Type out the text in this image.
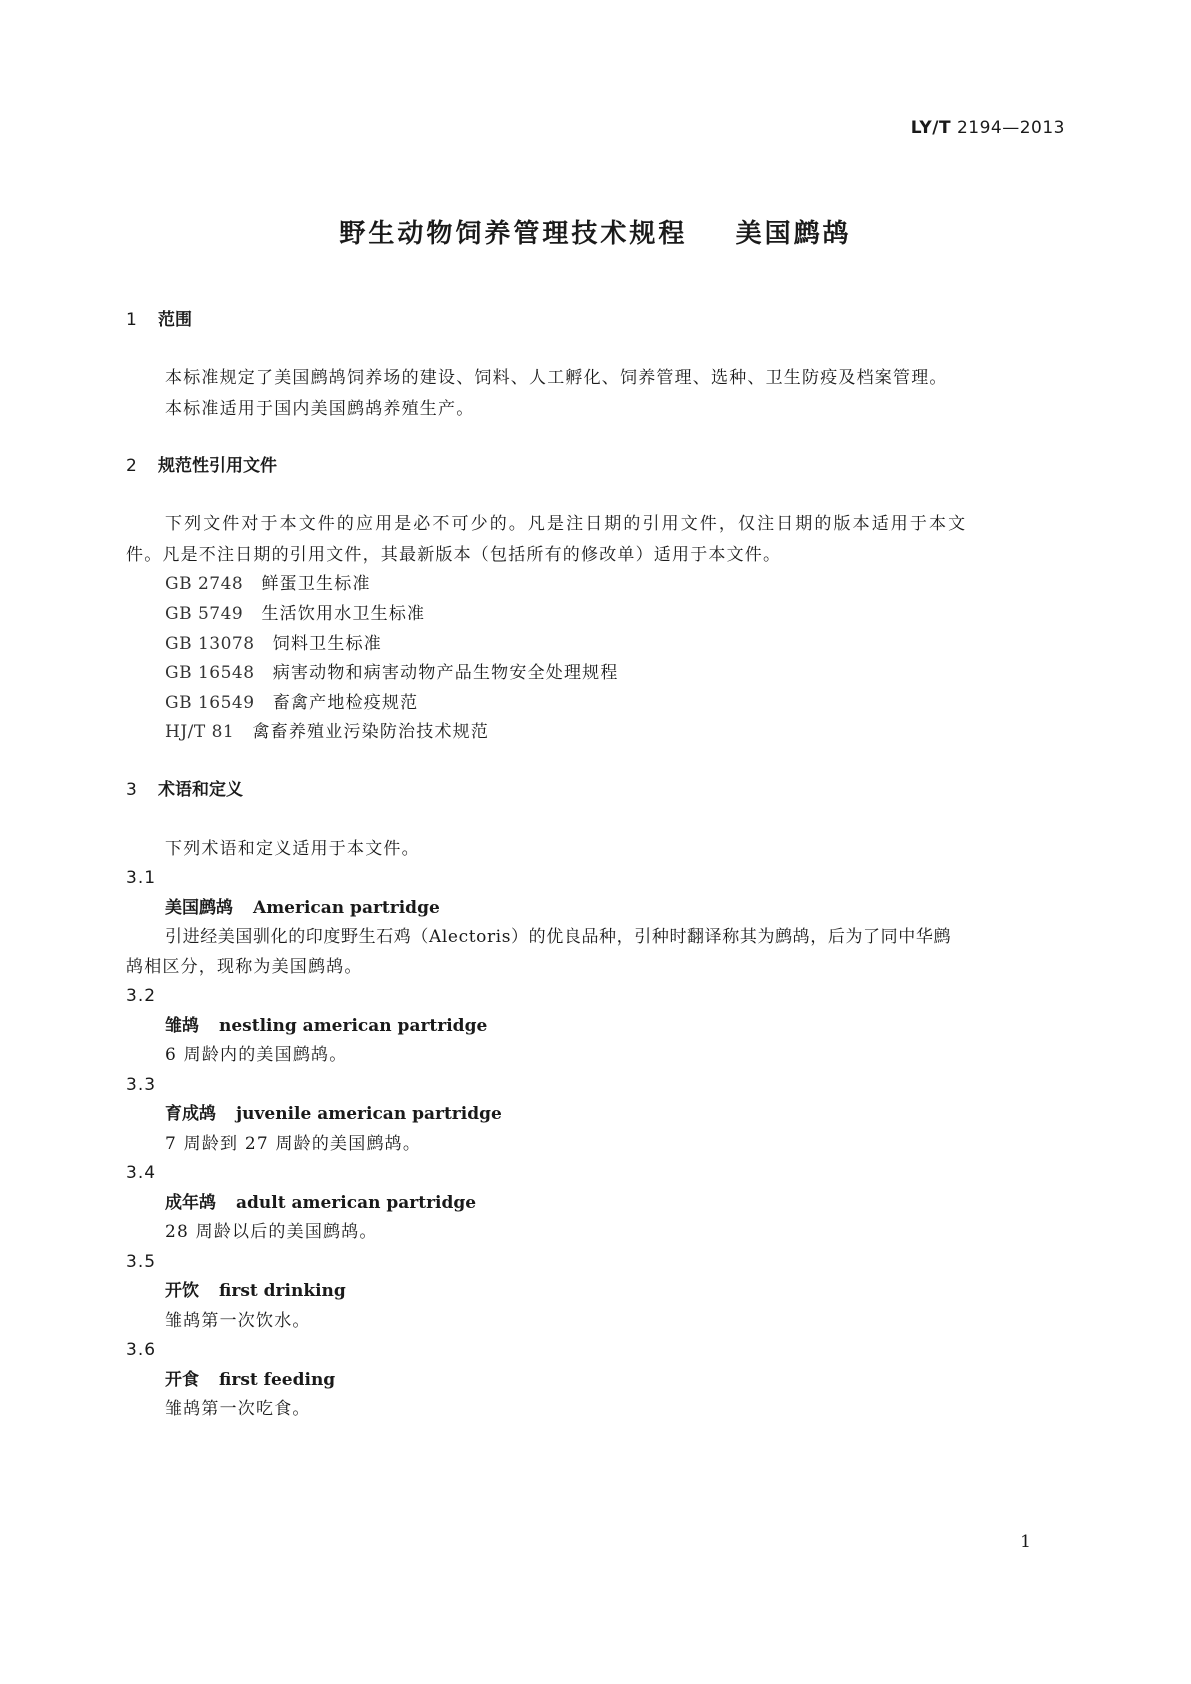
LY/T 2194—2013
野生动物饲养管理技术规程    美国鹧鸪
1 范围
本标准规定了美国鹧鸪饲养场的建设、饲料、人工孵化、饲养管理、选种、卫生防疫及档案管理。
本标准适用于国内美国鹧鸪养殖生产。
2 规范性引用文件
下列文件对于本文件的应用是必不可少的。凡是注日期的引用文件，仅注日期的版本适用于本文
件。凡是不注日期的引用文件，其最新版本（包括所有的修改单）适用于本文件。
GB 2748  鲜蛋卫生标准
GB 5749  生活饮用水卫生标准
GB 13078  饲料卫生标准
GB 16548  病害动物和病害动物产品生物安全处理规程
GB 16549  畜禽产地检疫规范
HJ/T 81  禽畜养殖业污染防治技术规范
3 术语和定义
下列术语和定义适用于本文件。
3.1
美国鹧鸪 American partridge
引进经美国驯化的印度野生石鸡（Alectoris）的优良品种，引种时翻译称其为鹧鸪，后为了同中华鹧
鸪相区分，现称为美国鹧鸪。
3.2
雏鸪 nestling american partridge
6 周龄内的美国鹧鸪。
3.3
育成鸪 juvenile american partridge
7 周龄到 27 周龄的美国鹧鸪。
3.4
成年鸪 adult american partridge
28 周龄以后的美国鹧鸪。
3.5
开饮 first drinking
雏鸪第一次饮水。
3.6
开食 first feeding
雏鸪第一次吃食。
1
